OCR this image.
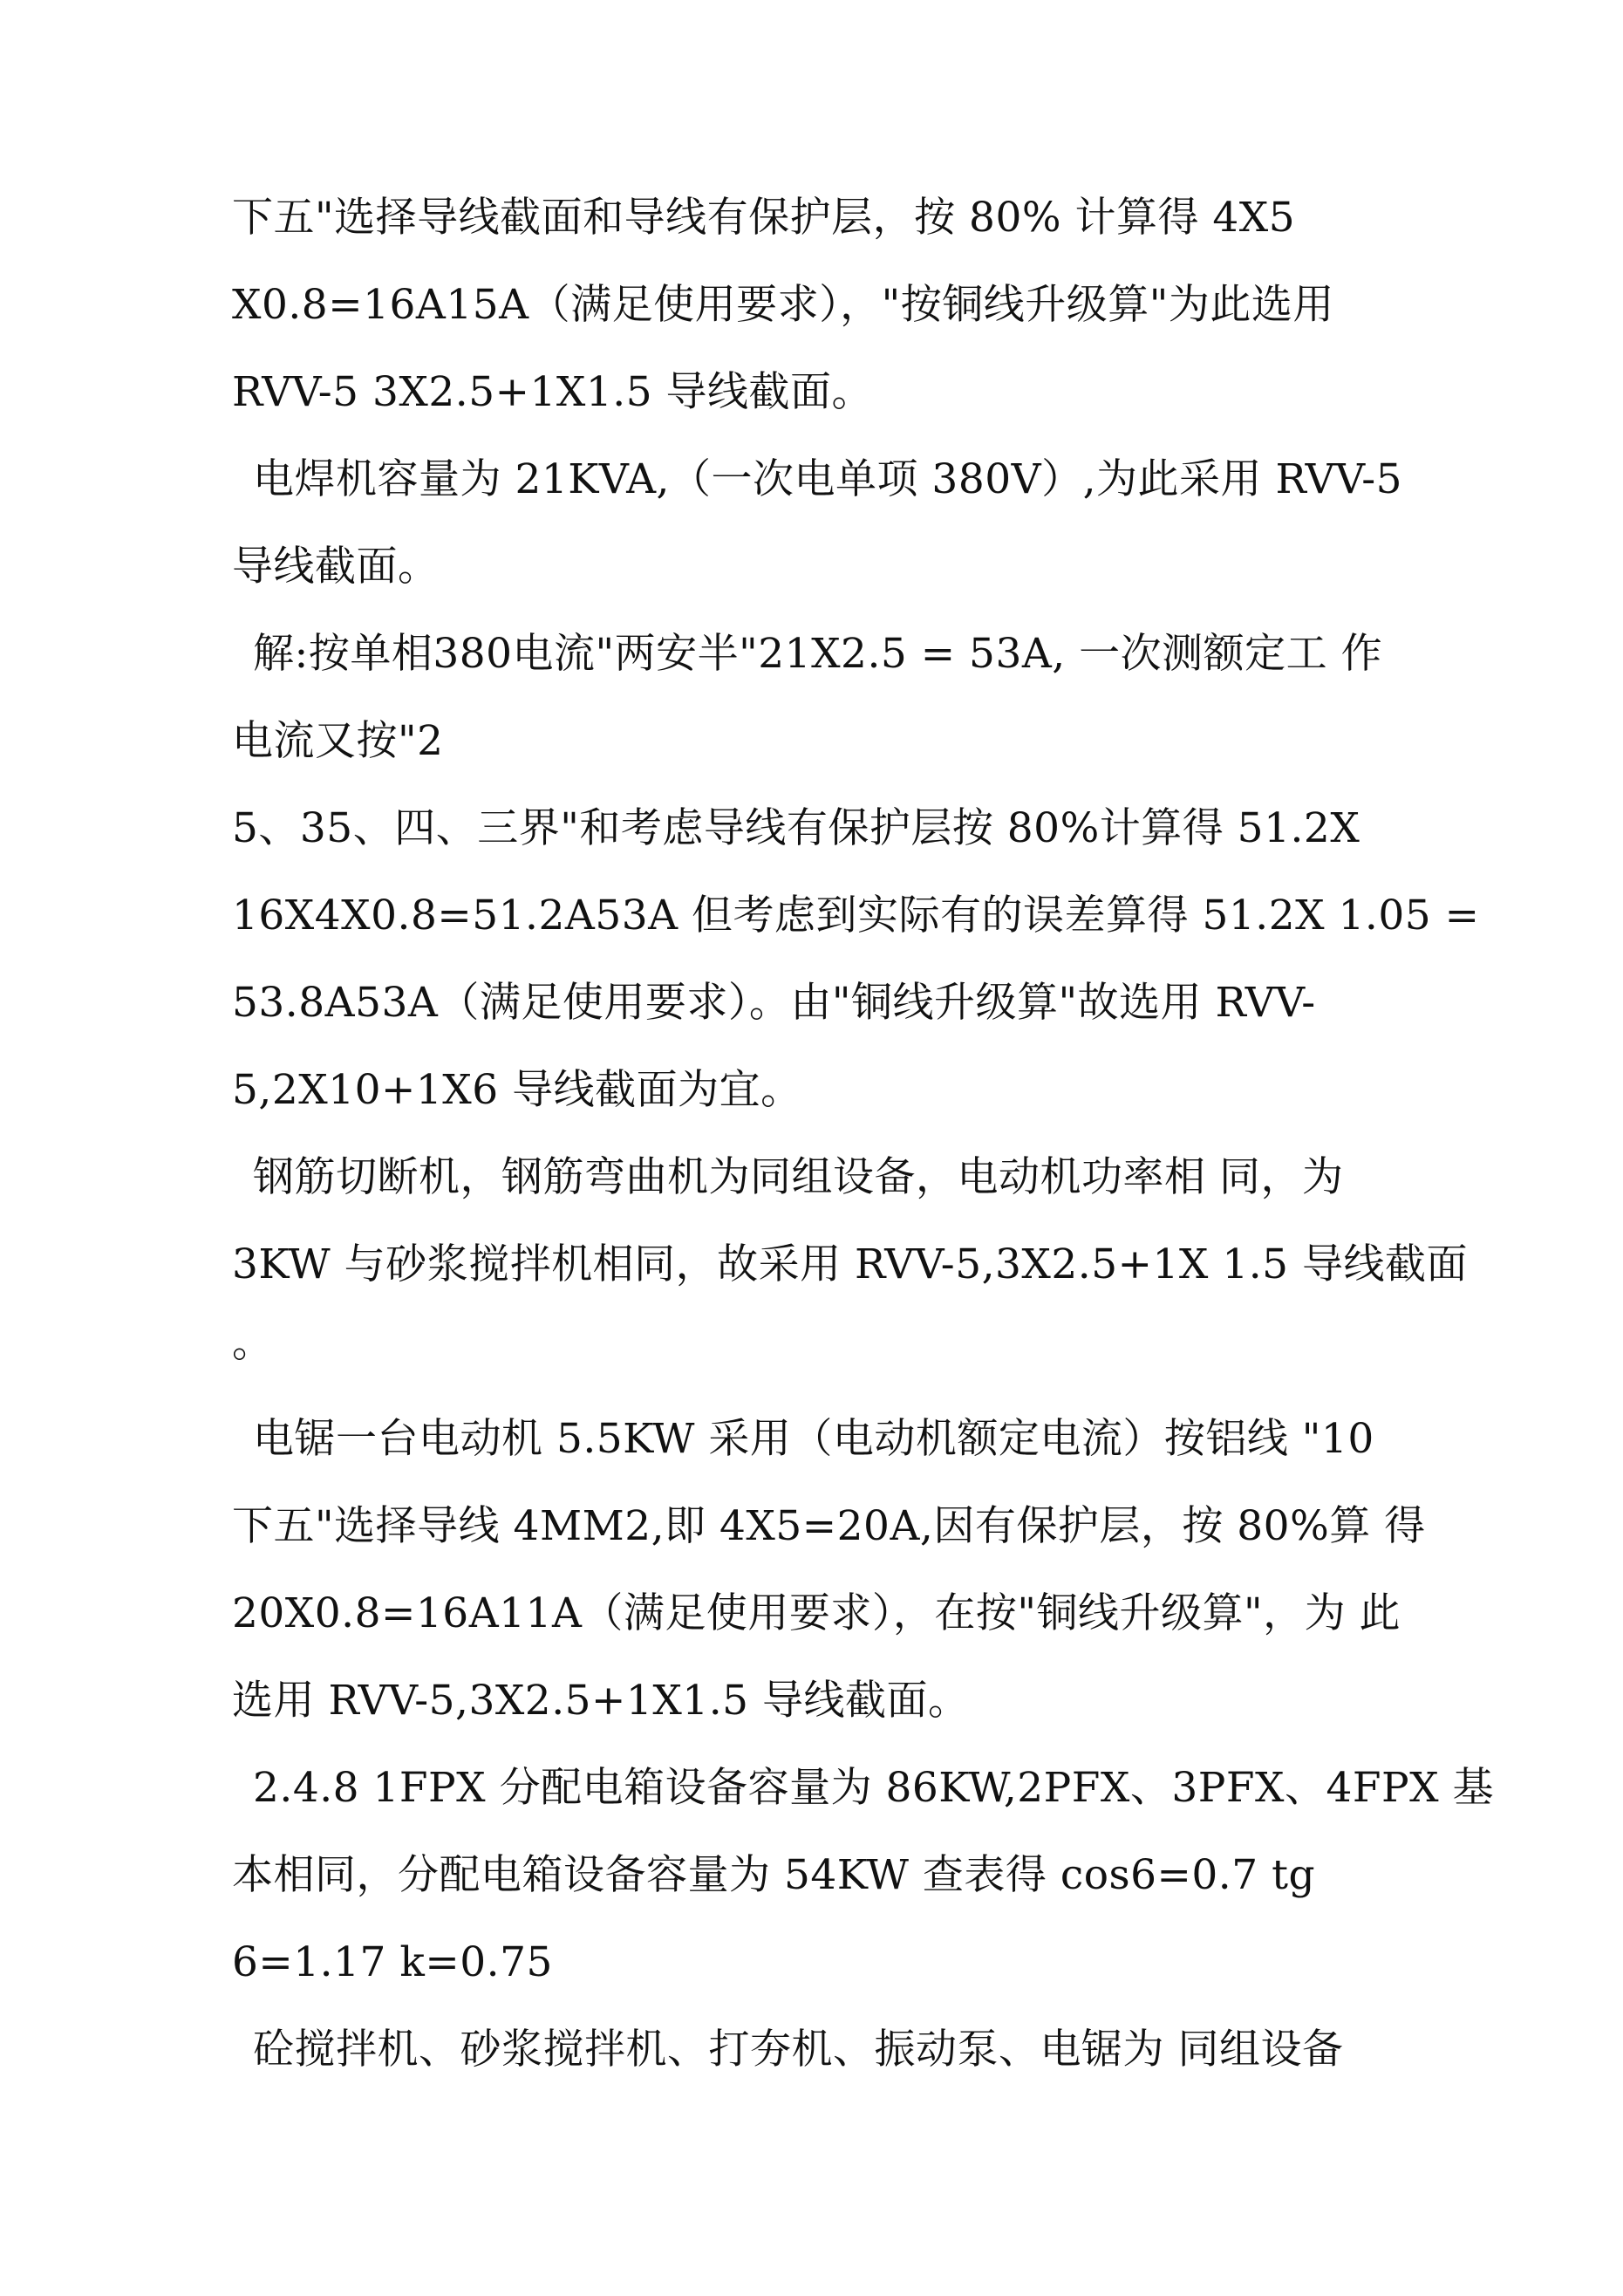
下五"选择导线截面和导线有保护层，按 80% 计算得 4X5
X0.8=16A15A（满足使用要求），"按铜线升级算"为此选用
RVV-5 3X2.5+1X1.5 导线截面。
电焊机容量为 21KVA,（一次电单项 380V）,为此采用 RVV-5
导线截面。
解:按单相380电流"两安半"21X2.5 = 53A, 一次测额定工 作
电流又按"2
5、35、四、三界"和考虑导线有保护层按 80%计算得 51.2X
16X4X0.8=51.2A53A 但考虑到实际有的误差算得 51.2X 1.05 =
53.8A53A（满足使用要求）。由"铜线升级算"故选用 RVV-
5,2X10+1X6 导线截面为宜。
钢筋切断机，钢筋弯曲机为同组设备，电动机功率相 同，为
3KW 与砂浆搅拌机相同，故采用 RVV-5,3X2.5+1X 1.5 导线截面
。
电锯一台电动机 5.5KW 采用（电动机额定电流）按铝线 "10
下五"选择导线 4MM2,即 4X5=20A,因有保护层，按 80%算 得
20X0.8=16A11A（满足使用要求），在按"铜线升级算"，为 此
选用 RVV-5,3X2.5+1X1.5 导线截面。
2.4.8 1FPX 分配电箱设备容量为 86KW,2PFX、3PFX、4FPX 基
本相同，分配电箱设备容量为 54KW 查表得 cos6=0.7 tg
6=1.17 k=0.75
砼搅拌机、砂浆搅拌机、打夯机、振动泵、电锯为 同组设备
